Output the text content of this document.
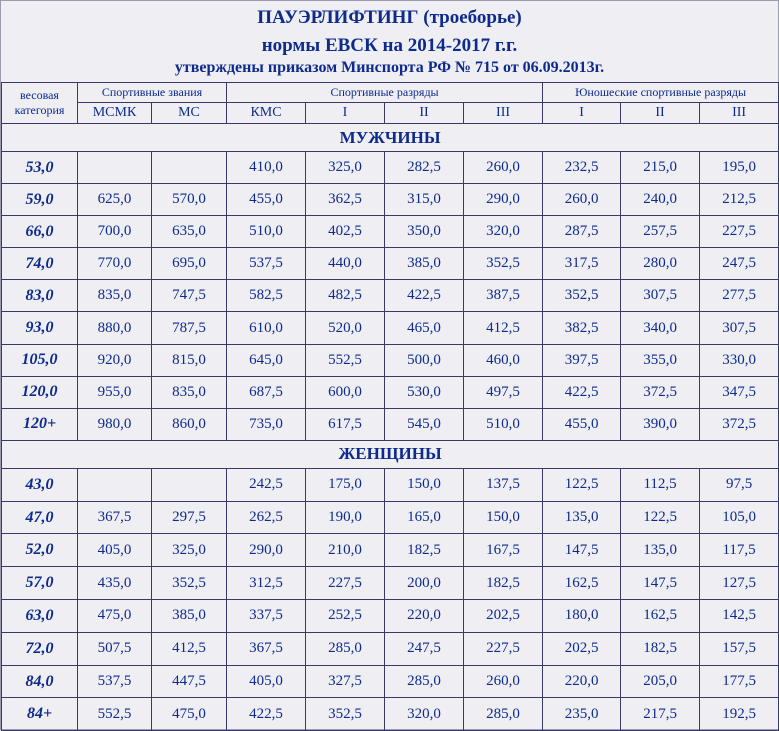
ПАУЭРЛИФТИНГ (троеборье)
нормы ЕВСК на 2014-2017 г.г.
утверждены приказом Минспорта РФ № 715 от 06.09.2013г.
весовая категория	Спортивные звания		Спортивные разряды				Юношеские спортивные разряды		
	МСМК	МС	КМС	I	II	III	I	II	III
МУЖЧИНЫ									
53,0			410,0	325,0	282,5	260,0	232,5	215,0	195,0
59,0	625,0	570,0	455,0	362,5	315,0	290,0	260,0	240,0	212,5
66,0	700,0	635,0	510,0	402,5	350,0	320,0	287,5	257,5	227,5
74,0	770,0	695,0	537,5	440,0	385,0	352,5	317,5	280,0	247,5
83,0	835,0	747,5	582,5	482,5	422,5	387,5	352,5	307,5	277,5
93,0	880,0	787,5	610,0	520,0	465,0	412,5	382,5	340,0	307,5
105,0	920,0	815,0	645,0	552,5	500,0	460,0	397,5	355,0	330,0
120,0	955,0	835,0	687,5	600,0	530,0	497,5	422,5	372,5	347,5
120+	980,0	860,0	735,0	617,5	545,0	510,0	455,0	390,0	372,5
ЖЕНЩИНЫ									
43,0			242,5	175,0	150,0	137,5	122,5	112,5	97,5
47,0	367,5	297,5	262,5	190,0	165,0	150,0	135,0	122,5	105,0
52,0	405,0	325,0	290,0	210,0	182,5	167,5	147,5	135,0	117,5
57,0	435,0	352,5	312,5	227,5	200,0	182,5	162,5	147,5	127,5
63,0	475,0	385,0	337,5	252,5	220,0	202,5	180,0	162,5	142,5
72,0	507,5	412,5	367,5	285,0	247,5	227,5	202,5	182,5	157,5
84,0	537,5	447,5	405,0	327,5	285,0	260,0	220,0	205,0	177,5
84+	552,5	475,0	422,5	352,5	320,0	285,0	235,0	217,5	192,5
